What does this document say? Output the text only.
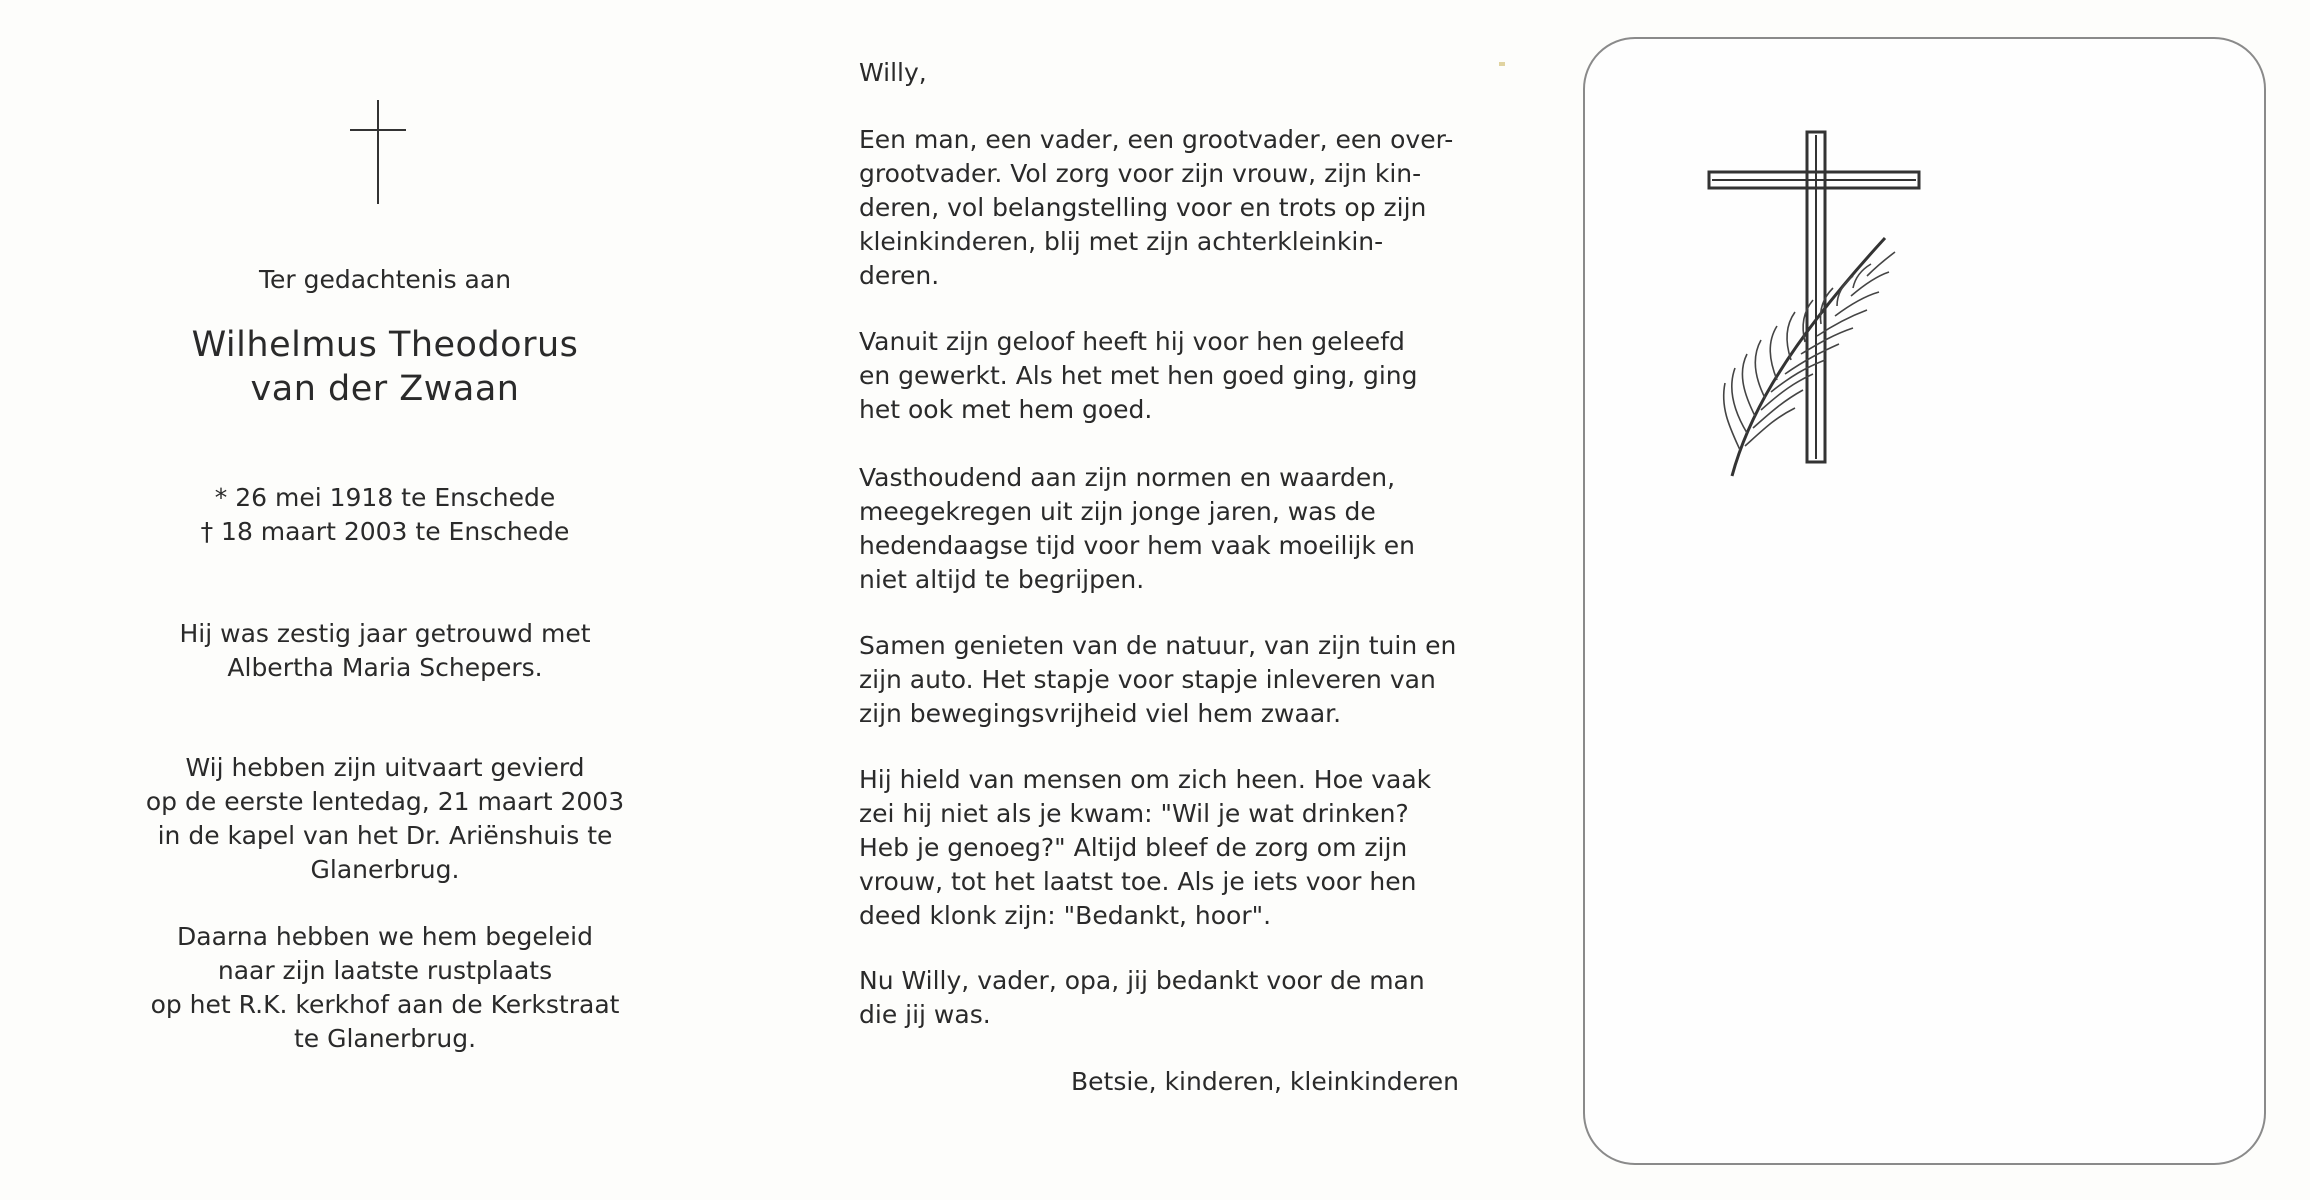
Ter gedachtenis aan

Wilhelmus Theodorus

van der Zwaan

* 26 mei 1918 te Enschede

† 18 maart 2003 te Enschede

Hij was zestig jaar getrouwd met

Albertha Maria Schepers.

Wij hebben zijn uitvaart gevierd

op de eerste lentedag, 21 maart 2003

in de kapel van het Dr. Ariënshuis te

Glanerbrug.

Daarna hebben we hem begeleid

naar zijn laatste rustplaats

op het R.K. kerkhof aan de Kerkstraat

te Glanerbrug.

Willy,

Een man, een vader, een grootvader, een over-

grootvader. Vol zorg voor zijn vrouw, zijn kin-

deren, vol belangstelling voor en trots op zijn

kleinkinderen, blij met zijn achterkleinkin-

deren.

Vanuit zijn geloof heeft hij voor hen geleefd

en gewerkt. Als het met hen goed ging, ging

het ook met hem goed.

Vasthoudend aan zijn normen en waarden,

meegekregen uit zijn jonge jaren, was de

hedendaagse tijd voor hem vaak moeilijk en

niet altijd te begrijpen.

Samen genieten van de natuur, van zijn tuin en

zijn auto. Het stapje voor stapje inleveren van

zijn bewegingsvrijheid viel hem zwaar.

Hij hield van mensen om zich heen. Hoe vaak

zei hij niet als je kwam: "Wil je wat drinken?

Heb je genoeg?" Altijd bleef de zorg om zijn

vrouw, tot het laatst toe. Als je iets voor hen

deed klonk zijn: "Bedankt, hoor".

Nu Willy, vader, opa, jij bedankt voor de man

die jij was.

Betsie, kinderen, kleinkinderen
